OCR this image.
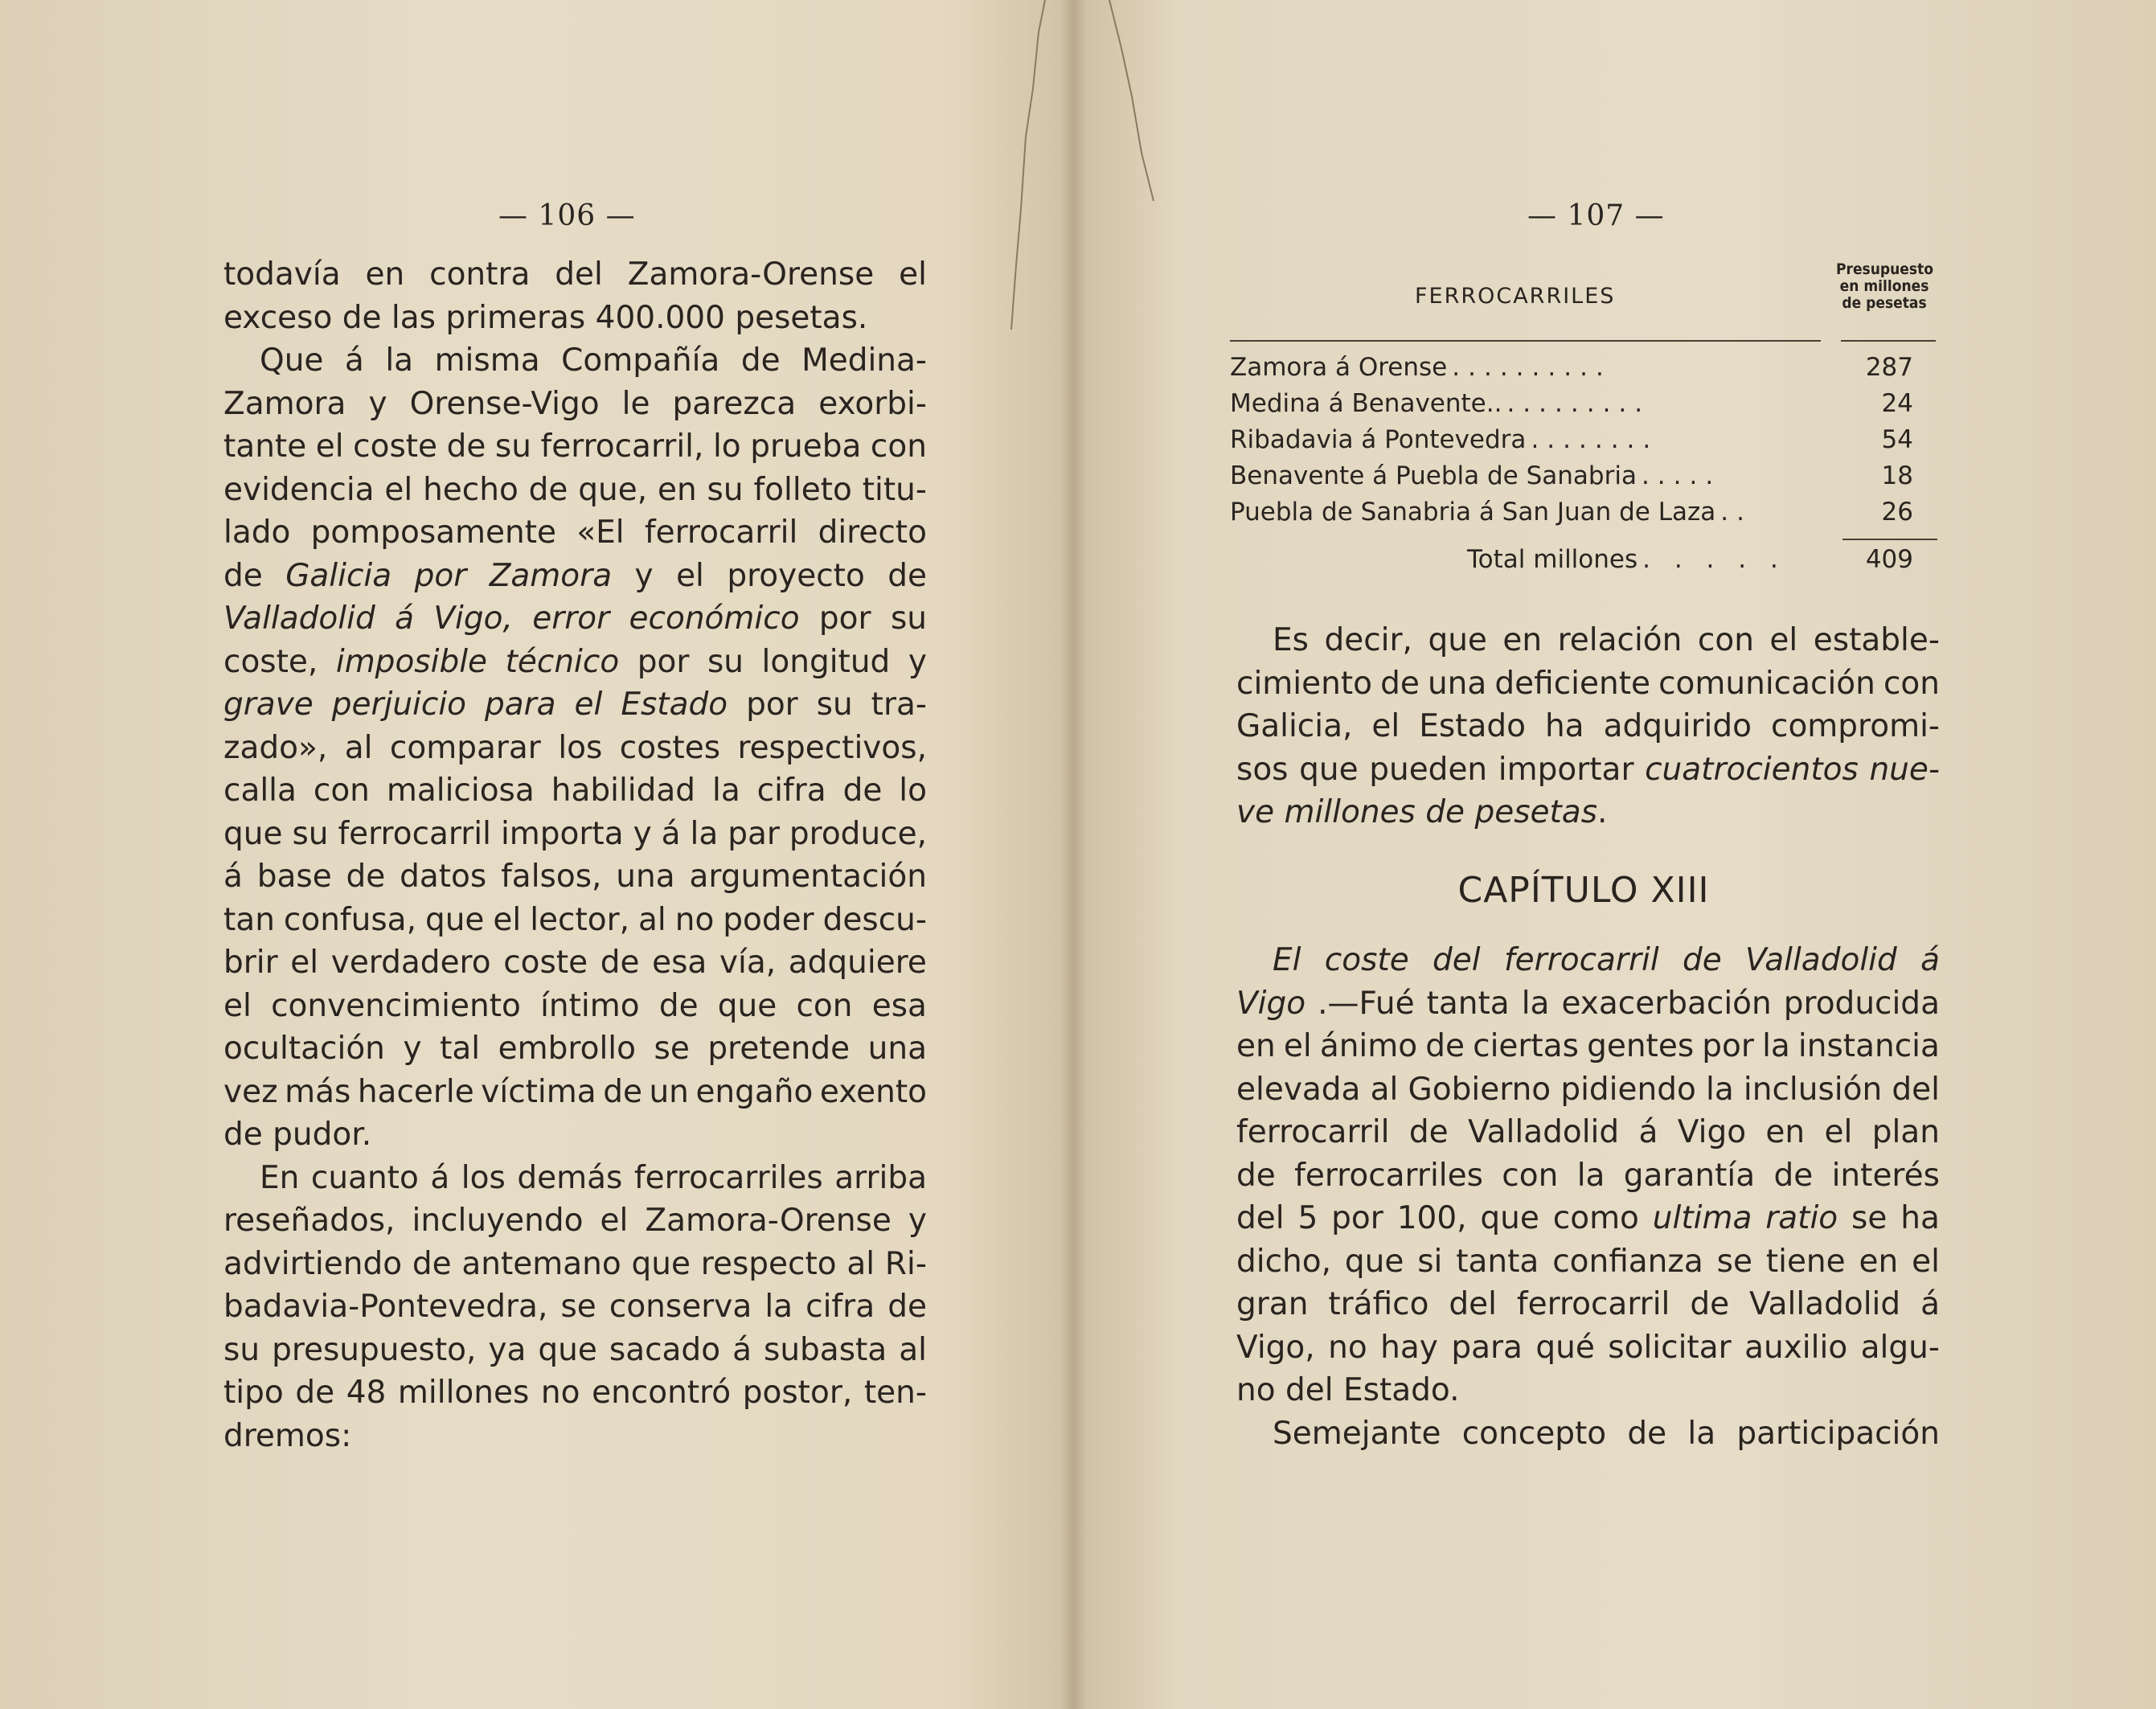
— 106 —
todavía en contra del Zamora-Orense el
exceso
de
las
primeras
400.000
pesetas.
Que á la misma Compañía de Medina-
Zamora y Orense-Vigo le parezca exorbi-
tante el coste de su ferrocarril, lo prueba con
evidencia el hecho de que, en su folleto titu-
lado pomposamente «El ferrocarril directo
de Galicia por Zamora y el proyecto de
Valladolid á Vigo, error económico por su
coste, imposible técnico por su longitud y
grave perjuicio para el Estado por su tra-
zado», al comparar los costes respectivos,
calla con maliciosa habilidad la cifra de lo
que su ferrocarril importa y á la par produce,
á base de datos falsos, una argumentación
tan confusa, que el lector, al no poder descu-
brir el verdadero coste de esa vía, adquiere
el convencimiento íntimo de que con esa
ocultación y tal embrollo se pretende una
vez más hacerle víctima de un engaño exento
de
pudor.
En cuanto á los demás ferrocarriles arriba
reseñados, incluyendo el Zamora-Orense y
advirtiendo de antemano que respecto al Ri-
badavia-Pontevedra, se conserva la cifra de
su presupuesto, ya que sacado á subasta al
tipo de 48 millones no encontró postor, ten-
dremos:
— 107 —
FERROCARRILES
Presupuesto
en millones
de pesetas
Zamora á Orense ..........	287
Medina á Benavente.. .........	24
Ribadavia á Pontevedra ........	54
Benavente á Puebla de Sanabria .....	18
Puebla de Sanabria á San Juan de Laza ..	26
Total millones . . . . .	409
Es decir, que en relación con el estable-
cimiento de una deficiente comunicación con
Galicia, el Estado ha adquirido compromi-
sos que pueden importar cuatrocientos nue-
ve
millones
de
pesetas.
CAPÍTULO XIII
El coste del ferrocarril de Valladolid á
Vigo .—Fué tanta la exacerbación producida
en el ánimo de ciertas gentes por la instancia
elevada al Gobierno pidiendo la inclusión del
ferrocarril de Valladolid á Vigo en el plan
de ferrocarriles con la garantía de interés
del 5 por 100, que como ultima ratio se ha
dicho, que si tanta confianza se tiene en el
gran tráfico del ferrocarril de Valladolid á
Vigo, no hay para qué solicitar auxilio algu-
no
del
Estado.
Semejante concepto de la participación
